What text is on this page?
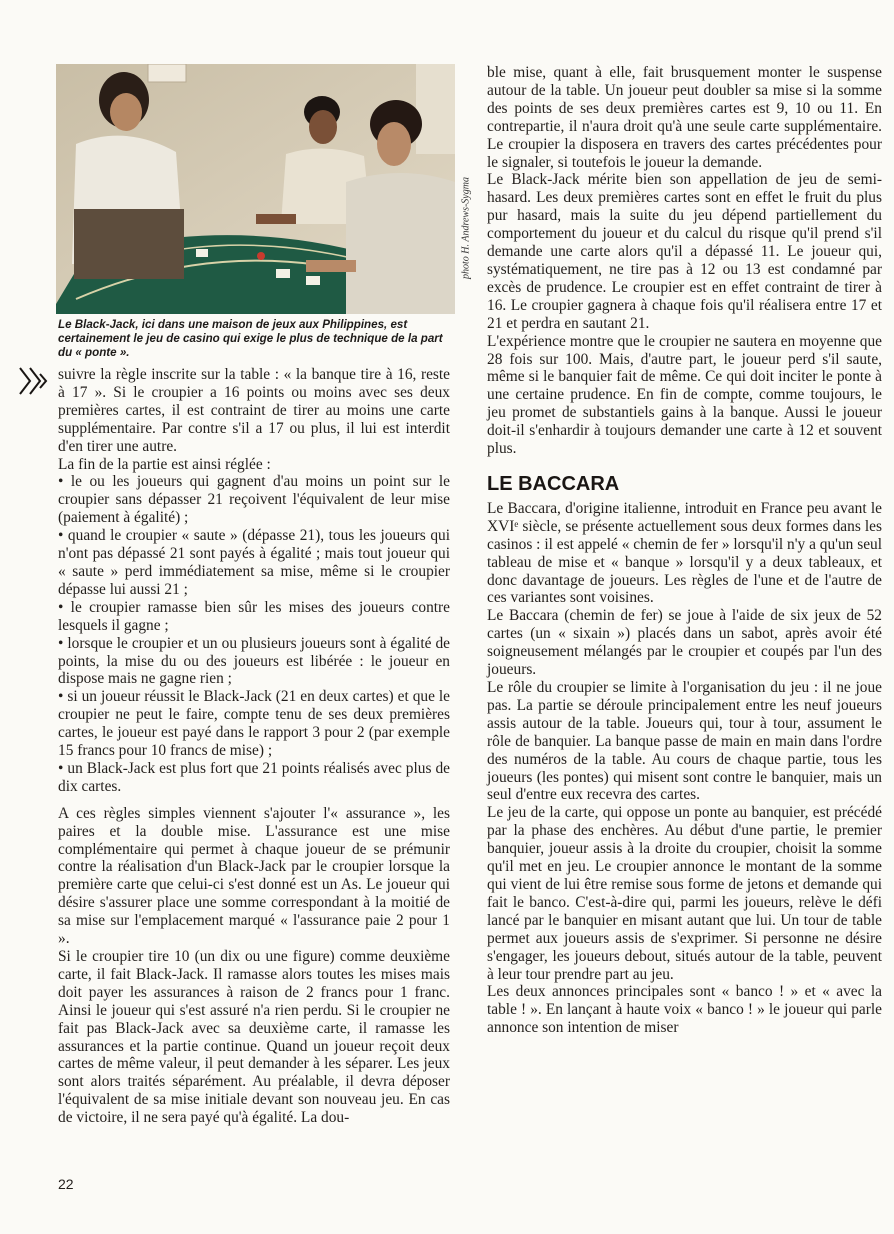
photo H. Andrews-Sygma

Le Black-Jack, ici dans une maison de jeux aux Philippines, est certainement le jeu de casino qui exige le plus de technique de la part du « ponte ».

suivre la règle inscrite sur la table : « la banque tire à 16, reste à 17 ». Si le croupier a 16 points ou moins avec ses deux premières cartes, il est contraint de tirer au moins une carte supplémentaire. Par contre s'il a 17 ou plus, il lui est interdit d'en tirer une autre.

La fin de la partie est ainsi réglée :

• le ou les joueurs qui gagnent d'au moins un point sur le croupier sans dépasser 21 reçoivent l'équivalent de leur mise (paiement à égalité) ;

• quand le croupier « saute » (dépasse 21), tous les joueurs qui n'ont pas dépassé 21 sont payés à égalité ; mais tout joueur qui « saute » perd immédiatement sa mise, même si le croupier dépasse lui aussi 21 ;

• le croupier ramasse bien sûr les mises des joueurs contre lesquels il gagne ;

• lorsque le croupier et un ou plusieurs joueurs sont à égalité de points, la mise du ou des joueurs est libérée : le joueur en dispose mais ne gagne rien ;

• si un joueur réussit le Black-Jack (21 en deux cartes) et que le croupier ne peut le faire, compte tenu de ses deux premières cartes, le joueur est payé dans le rapport 3 pour 2 (par exemple 15 francs pour 10 francs de mise) ;

• un Black-Jack est plus fort que 21 points réalisés avec plus de dix cartes.

A ces règles simples viennent s'ajouter l'« assurance », les paires et la double mise. L'assurance est une mise complémentaire qui permet à chaque joueur de se prémunir contre la réalisation d'un Black-Jack par le croupier lorsque la première carte que celui-ci s'est donné est un As. Le joueur qui désire s'assurer place une somme correspondant à la moitié de sa mise sur l'emplacement marqué « l'assurance paie 2 pour 1 ».

Si le croupier tire 10 (un dix ou une figure) comme deuxième carte, il fait Black-Jack. Il ramasse alors toutes les mises mais doit payer les assurances à raison de 2 francs pour 1 franc. Ainsi le joueur qui s'est assuré n'a rien perdu. Si le croupier ne fait pas Black-Jack avec sa deuxième carte, il ramasse les assurances et la partie continue. Quand un joueur reçoit deux cartes de même valeur, il peut demander à les séparer. Les jeux sont alors traités séparément. Au préalable, il devra déposer l'équivalent de sa mise initiale devant son nouveau jeu. En cas de victoire, il ne sera payé qu'à égalité. La dou-

ble mise, quant à elle, fait brusquement monter le suspense autour de la table. Un joueur peut doubler sa mise si la somme des points de ses deux premières cartes est 9, 10 ou 11. En contrepartie, il n'aura droit qu'à une seule carte supplémentaire. Le croupier la disposera en travers des cartes précédentes pour le signaler, si toutefois le joueur la demande.

Le Black-Jack mérite bien son appellation de jeu de semi-hasard. Les deux premières cartes sont en effet le fruit du plus pur hasard, mais la suite du jeu dépend partiellement du comportement du joueur et du calcul du risque qu'il prend s'il demande une carte alors qu'il a dépassé 11. Le joueur qui, systématiquement, ne tire pas à 12 ou 13 est condamné par excès de prudence. Le croupier est en effet contraint de tirer à 16. Le croupier gagnera à chaque fois qu'il réalisera entre 17 et 21 et perdra en sautant 21.

L'expérience montre que le croupier ne sautera en moyenne que 28 fois sur 100. Mais, d'autre part, le joueur perd s'il saute, même si le banquier fait de même. Ce qui doit inciter le ponte à une certaine prudence. En fin de compte, comme toujours, le jeu promet de substantiels gains à la banque. Aussi le joueur doit-il s'enhardir à toujours demander une carte à 12 et souvent plus.

LE BACCARA

Le Baccara, d'origine italienne, introduit en France peu avant le XVIᵉ siècle, se présente actuellement sous deux formes dans les casinos : il est appelé « chemin de fer » lorsqu'il n'y a qu'un seul tableau de mise et « banque » lorsqu'il y a deux tableaux, et donc davantage de joueurs. Les règles de l'une et de l'autre de ces variantes sont voisines.

Le Baccara (chemin de fer) se joue à l'aide de six jeux de 52 cartes (un « sixain ») placés dans un sabot, après avoir été soigneusement mélangés par le croupier et coupés par l'un des joueurs.

Le rôle du croupier se limite à l'organisation du jeu : il ne joue pas. La partie se déroule principalement entre les neuf joueurs assis autour de la table. Joueurs qui, tour à tour, assument le rôle de banquier. La banque passe de main en main dans l'ordre des numéros de la table. Au cours de chaque partie, tous les joueurs (les pontes) qui misent sont contre le banquier, mais un seul d'entre eux recevra des cartes.

Le jeu de la carte, qui oppose un ponte au banquier, est précédé par la phase des enchères. Au début d'une partie, le premier banquier, joueur assis à la droite du croupier, choisit la somme qu'il met en jeu. Le croupier annonce le montant de la somme qui vient de lui être remise sous forme de jetons et demande qui fait le banco. C'est-à-dire qui, parmi les joueurs, relève le défi lancé par le banquier en misant autant que lui. Un tour de table permet aux joueurs assis de s'exprimer. Si personne ne désire s'engager, les joueurs debout, situés autour de la table, peuvent à leur tour prendre part au jeu.

Les deux annonces principales sont « banco ! » et « avec la table ! ». En lançant à haute voix « banco ! » le joueur qui parle annonce son intention de miser

22
